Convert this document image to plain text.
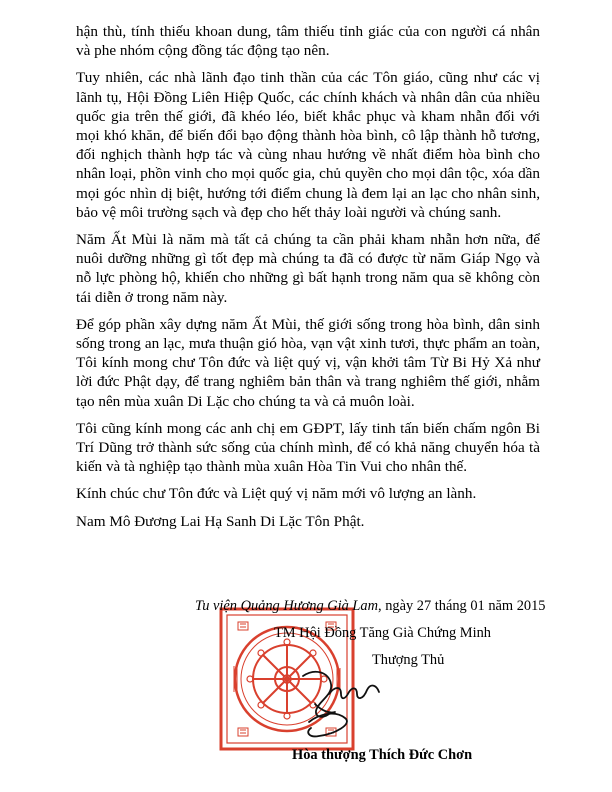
hận thù, tính thiếu khoan dung, tâm thiếu tỉnh giác của con người cá nhân và phe nhóm cộng đồng tác động tạo nên.

Tuy nhiên, các nhà lãnh đạo tinh thần của các Tôn giáo, cũng như các vị lãnh tụ, Hội Đồng Liên Hiệp Quốc, các chính khách và nhân dân của nhiều quốc gia trên thế giới, đã khéo léo, biết khắc phục và kham nhẫn đối với mọi khó khăn, để biến đổi bạo động thành hòa bình, cô lập thành hỗ tương, đối nghịch thành hợp tác và cùng nhau hướng về nhất điểm hòa bình cho nhân loại, phồn vinh cho mọi quốc gia, chủ quyền cho mọi dân tộc, xóa dần mọi góc nhìn dị biệt, hướng tới điểm chung là đem lại an lạc cho nhân sinh, bảo vệ môi trường sạch và đẹp cho hết thảy loài người và chúng sanh.

Năm Ất Mùi là năm mà tất cả chúng ta cần phải kham nhẫn hơn nữa, để nuôi dưỡng những gì tốt đẹp mà chúng ta đã có được từ năm Giáp Ngọ và nỗ lực phòng hộ, khiến cho những gì bất hạnh trong năm qua sẽ không còn tái diễn ở trong năm này.

Để góp phần xây dựng năm Ất Mùi, thế giới sống trong hòa bình, dân sinh sống trong an lạc, mưa thuận gió hòa, vạn vật xinh tươi, thực phẩm an toàn, Tôi kính mong chư Tôn đức và liệt quý vị, vận khởi tâm Từ Bi Hỷ Xả như lời đức Phật dạy, để trang nghiêm bản thân và trang nghiêm thế giới, nhằm tạo nên mùa xuân Di Lặc cho chúng ta và cả muôn loài.

Tôi cũng kính mong các anh chị em GĐPT, lấy tinh tấn biến chấm ngôn Bi Trí Dũng trở thành sức sống của chính mình, để có khả năng chuyển hóa tà kiến và tà nghiệp tạo thành mùa xuân Hòa Tin Vui cho nhân thế.

Kính chúc chư Tôn đức và Liệt quý vị năm mới vô lượng an lành.

Nam Mô Đương Lai Hạ Sanh Di Lặc Tôn Phật.

Tu viện Quảng Hương Già Lam, ngày 27 tháng 01 năm 2015
TM Hội Đồng Tăng Già Chứng Minh
Thượng Thủ
Hòa thượng Thích Đức Chơn
